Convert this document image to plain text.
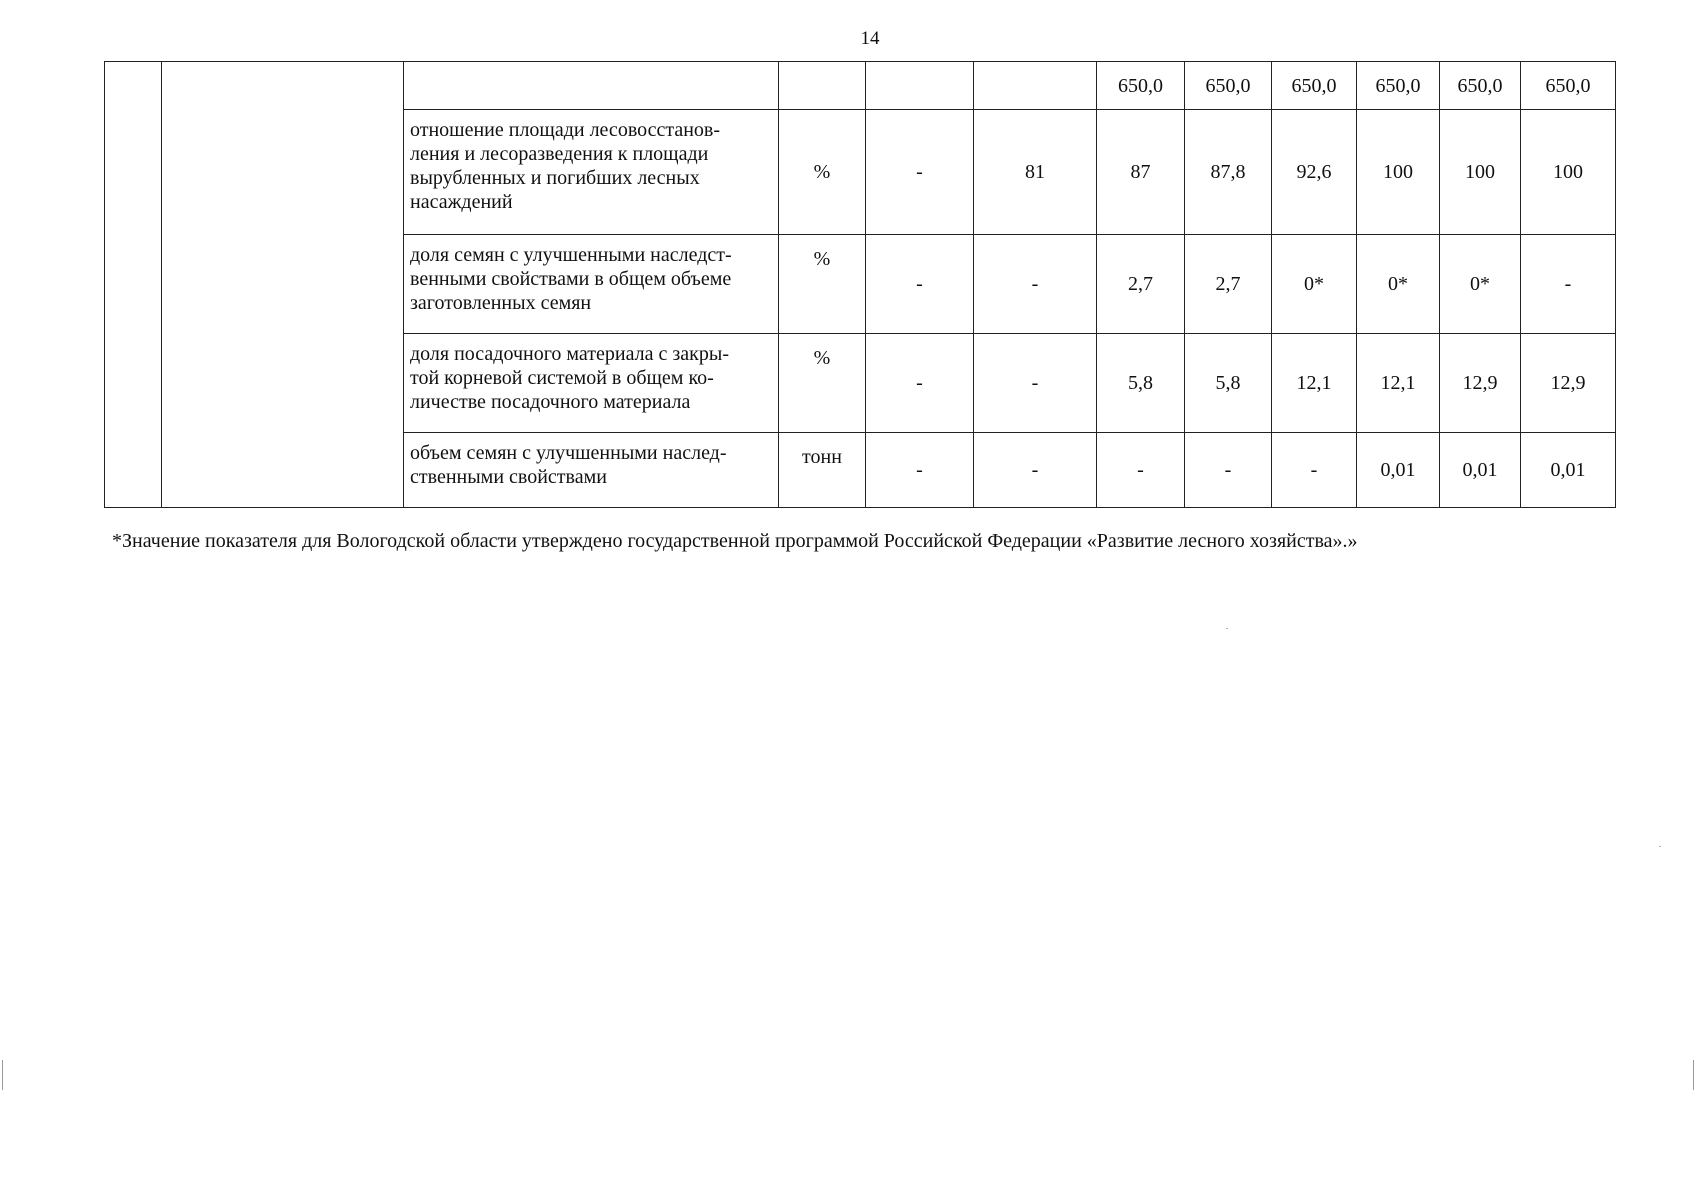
14
						650,0	650,0	650,0	650,0	650,0	650,0
		отношение площади лесовосстанов-
ления и лесоразведения к площади
вырубленных и погибших лесных
насаждений	%	-	81	87	87,8	92,6	100	100	100
		доля семян с улучшенными наследст-
венными свойствами в общем объеме
заготовленных семян	%	-	-	2,7	2,7	0*	0*	0*	-
		доля посадочного материала с закры-
той корневой системой в общем ко-
личестве посадочного материала	%	-	-	5,8	5,8	12,1	12,1	12,9	12,9
		объем семян с улучшенными наслед-
ственными свойствами	тонн	-	-	-	-	-	0,01	0,01	0,01
*Значение показателя для Вологодской области утверждено государственной программой Российской Федерации «Развитие лесного хозяйства».»
